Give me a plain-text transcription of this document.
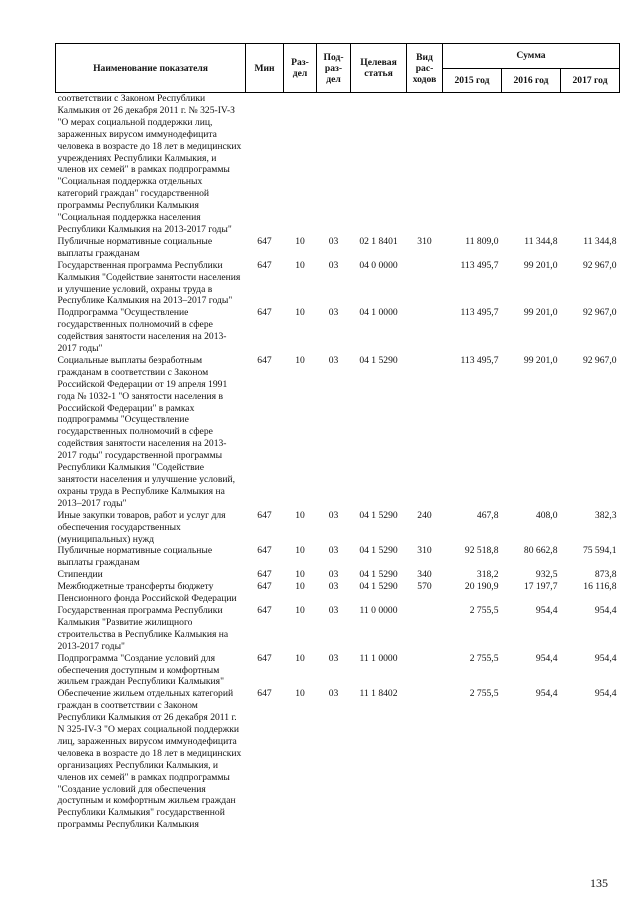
Наименование показателя	Мин	Раз-дел	Под-раз-дел	Целевая статья	Вид рас-ходов	Сумма		
						2015 год	2016 год	2017 год
соответствии с Законом Республики Калмыкия от 26 декабря 2011 г. № 325-IV-З "О мерах социальной поддержки лиц, зараженных вирусом иммунодефицита человека в возрасте до 18 лет в медицинских учреждениях Республики Калмыкия, и членов их семей" в рамках подпрограммы "Социальная поддержка отдельных категорий граждан" государственной программы Республики Калмыкия "Социальная поддержка населения Республики Калмыкия на 2013-2017 годы"								
Публичные нормативные социальные выплаты гражданам	647	10	03	02 1 8401	310	11 809,0	11 344,8	11 344,8
Государственная программа Республики Калмыкия "Содействие занятости населения и улучшение условий, охраны труда в Республике Калмыкия на 2013–2017 годы"	647	10	03	04 0 0000		113 495,7	99 201,0	92 967,0
Подпрограмма "Осуществление государственных полномочий в сфере содействия занятости населения на 2013-2017 годы"	647	10	03	04 1 0000		113 495,7	99 201,0	92 967,0
Социальные выплаты безработным гражданам в соответствии с Законом Российской Федерации от 19 апреля 1991 года № 1032-1 "О занятости населения в Российской Федерации" в рамках подпрограммы "Осуществление государственных полномочий в сфере содействия занятости населения на 2013-2017 годы" государственной программы Республики Калмыкия "Содействие занятости населения и улучшение условий, охраны труда в Республике Калмыкия на 2013–2017 годы"	647	10	03	04 1 5290		113 495,7	99 201,0	92 967,0
Иные закупки товаров, работ и услуг для обеспечения государственных (муниципальных) нужд	647	10	03	04 1 5290	240	467,8	408,0	382,3
Публичные нормативные социальные выплаты гражданам	647	10	03	04 1 5290	310	92 518,8	80 662,8	75 594,1
Стипендии	647	10	03	04 1 5290	340	318,2	932,5	873,8
Межбюджетные трансферты бюджету Пенсионного фонда Российской Федерации	647	10	03	04 1 5290	570	20 190,9	17 197,7	16 116,8
Государственная программа Республики Калмыкия "Развитие жилищного строительства в Республике Калмыкия на 2013-2017 годы"	647	10	03	11 0 0000		2 755,5	954,4	954,4
Подпрограмма "Создание условий для обеспечения доступным и комфортным жильем граждан Республики Калмыкия"	647	10	03	11 1 0000		2 755,5	954,4	954,4
Обеспечение жильем отдельных категорий граждан в соответствии с Законом Республики Калмыкия от 26 декабря 2011 г. N 325-IV-З "О мерах социальной поддержки лиц, зараженных вирусом иммунодефицита человека в возрасте до 18 лет в медицинских организациях Республики Калмыкия, и членов их семей" в рамках подпрограммы "Создание условий для обеспечения доступным и комфортным жильем граждан Республики Калмыкия" государственной программы Республики Калмыкия	647	10	03	11 1 8402		2 755,5	954,4	954,4
135
